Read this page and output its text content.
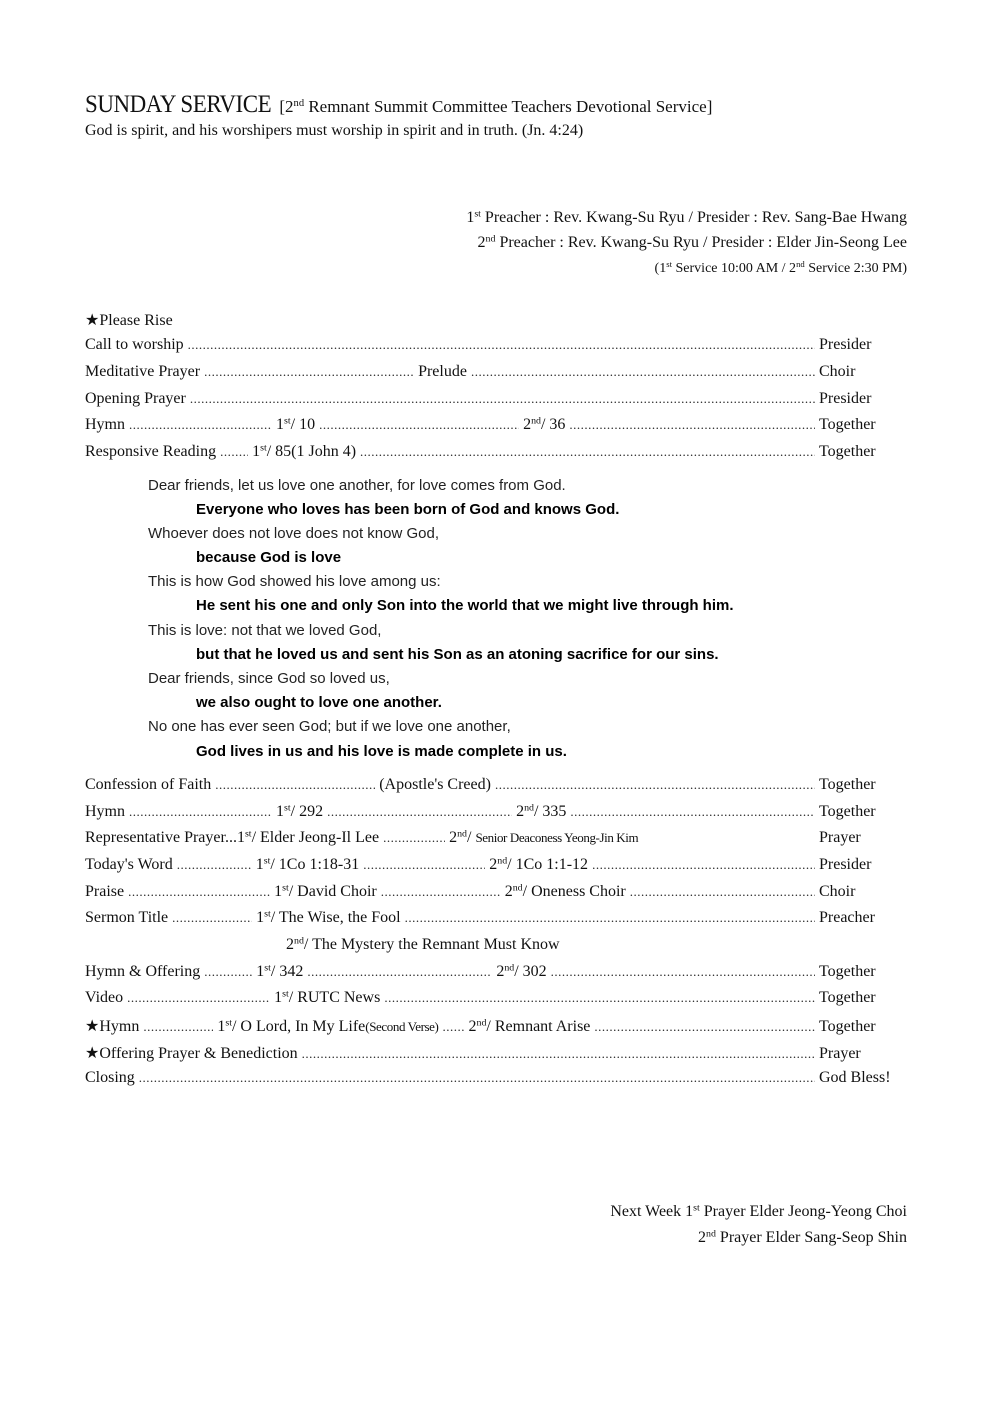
SUNDAY SERVICE [2nd Remnant Summit Committee Teachers Devotional Service]
God is spirit, and his worshipers must worship in spirit and in truth. (Jn. 4:24)
1st Preacher : Rev. Kwang-Su Ryu / Presider : Rev. Sang-Bae Hwang
2nd Preacher : Rev. Kwang-Su Ryu / Presider : Elder Jin-Seong Lee
(1st Service 10:00 AM / 2nd Service 2:30 PM)
★Please Rise
Call to worship .....	Presider
Meditative Prayer .....	Prelude .....	Choir
Opening Prayer .....	Presider
Hymn .....	1st/ 10 .....	2nd/ 36 .....	Together
Responsive Reading ..... 1st/ 85(1 John 4) .....	Together
Dear friends, let us love one another, for love comes from God.
Everyone who loves has been born of God and knows God.
Whoever does not love does not know God,
because God is love
This is how God showed his love among us:
He sent his one and only Son into the world that we might live through him.
This is love: not that we loved God,
but that he loved us and sent his Son as an atoning sacrifice for our sins.
Dear friends, since God so loved us,
we also ought to love one another.
No one has ever seen God; but if we love one another,
God lives in us and his love is made complete in us.
Confession of Faith .....	(Apostle's Creed) .....	Together
Hymn .....	1st/ 292 .....	2nd/ 335 .....	Together
Representative Prayer... 1st/ Elder Jeong-Il Lee .....	2nd/ Senior Deaconess Yeong-Jin Kim	Prayer
Today's Word .....	1st/ 1Co 1:18-31 .....	2nd/ 1Co 1:1-12 .....	Presider
Praise .....	1st/ David Choir .....	2nd/ Oneness Choir .....	Choir
Sermon Title .....	1st/ The Wise, the Fool .....	Preacher
2nd/ The Mystery the Remnant Must Know
Hymn & Offering .....	1st/ 342 .....	2nd/ 302 .....	Together
Video .....	1st/ RUTC News .....	Together
★Hymn .....	1st/ O Lord, In My Life(Second Verse) ..... 2nd/ Remnant Arise .....	Together
★Offering Prayer & Benediction .....	Prayer
Closing .....	God Bless!
Next Week 1st Prayer Elder Jeong-Yeong Choi
2nd Prayer Elder Sang-Seop Shin
